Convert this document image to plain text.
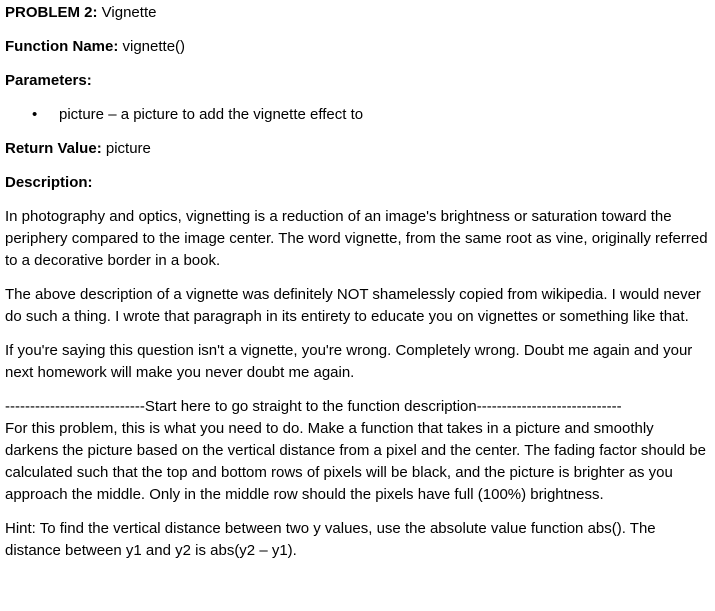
PROBLEM 2: Vignette

Function Name: vignette()

Parameters:

•	picture – a picture to add the vignette effect to

Return Value: picture

Description:

In photography and optics, vignetting is a reduction of an image's brightness or saturation toward the periphery compared to the image center. The word vignette, from the same root as vine, originally referred to a decorative border in a book.

The above description of a vignette was definitely NOT shamelessly copied from wikipedia. I would never do such a thing. I wrote that paragraph in its entirety to educate you on vignettes or something like that.

If you're saying this question isn't a vignette, you're wrong. Completely wrong. Doubt me again and your next homework will make you never doubt me again.

----------------------------Start here to go straight to the function description-----------------------------

For this problem, this is what you need to do. Make a function that takes in a picture and smoothly darkens the picture based on the vertical distance from a pixel and the center. The fading factor should be calculated such that the top and bottom rows of pixels will be black, and the picture is brighter as you approach the middle. Only in the middle row should the pixels have full (100%) brightness.

Hint: To find the vertical distance between two y values, use the absolute value function abs(). The distance between y1 and y2 is abs(y2 – y1).
